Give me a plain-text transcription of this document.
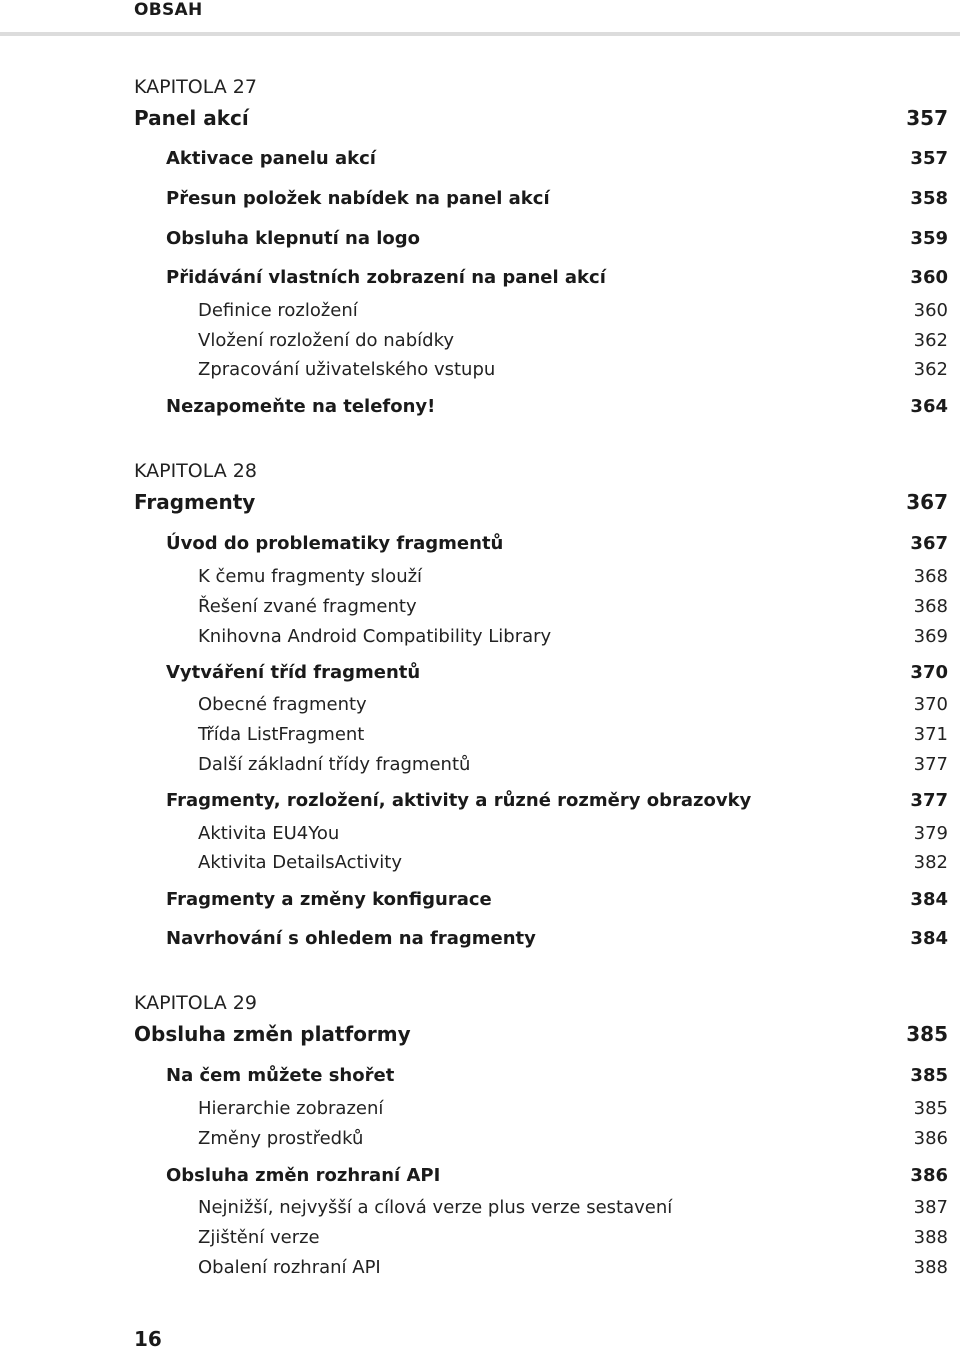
OBSAH
KAPITOLA 27
Panel akcí	357
Aktivace panelu akcí	357
Přesun položek nabídek na panel akcí	358
Obsluha klepnutí na logo	359
Přidávání vlastních zobrazení na panel akcí	360
Definice rozložení	360
Vložení rozložení do nabídky	362
Zpracování uživatelského vstupu	362
Nezapomeňte na telefony!	364
KAPITOLA 28
Fragmenty	367
Úvod do problematiky fragmentů	367
K čemu fragmenty slouží	368
Řešení zvané fragmenty	368
Knihovna Android Compatibility Library	369
Vytváření tříd fragmentů	370
Obecné fragmenty	370
Třída ListFragment	371
Další základní třídy fragmentů	377
Fragmenty, rozložení, aktivity a různé rozměry obrazovky	377
Aktivita EU4You	379
Aktivita DetailsActivity	382
Fragmenty a změny konfigurace	384
Navrhování s ohledem na fragmenty	384
KAPITOLA 29
Obsluha změn platformy	385
Na čem můžete shořet	385
Hierarchie zobrazení	385
Změny prostředků	386
Obsluha změn rozhraní API	386
Nejnižší, nejvyšší a cílová verze plus verze sestavení	387
Zjištění verze	388
Obalení rozhraní API	388
16
